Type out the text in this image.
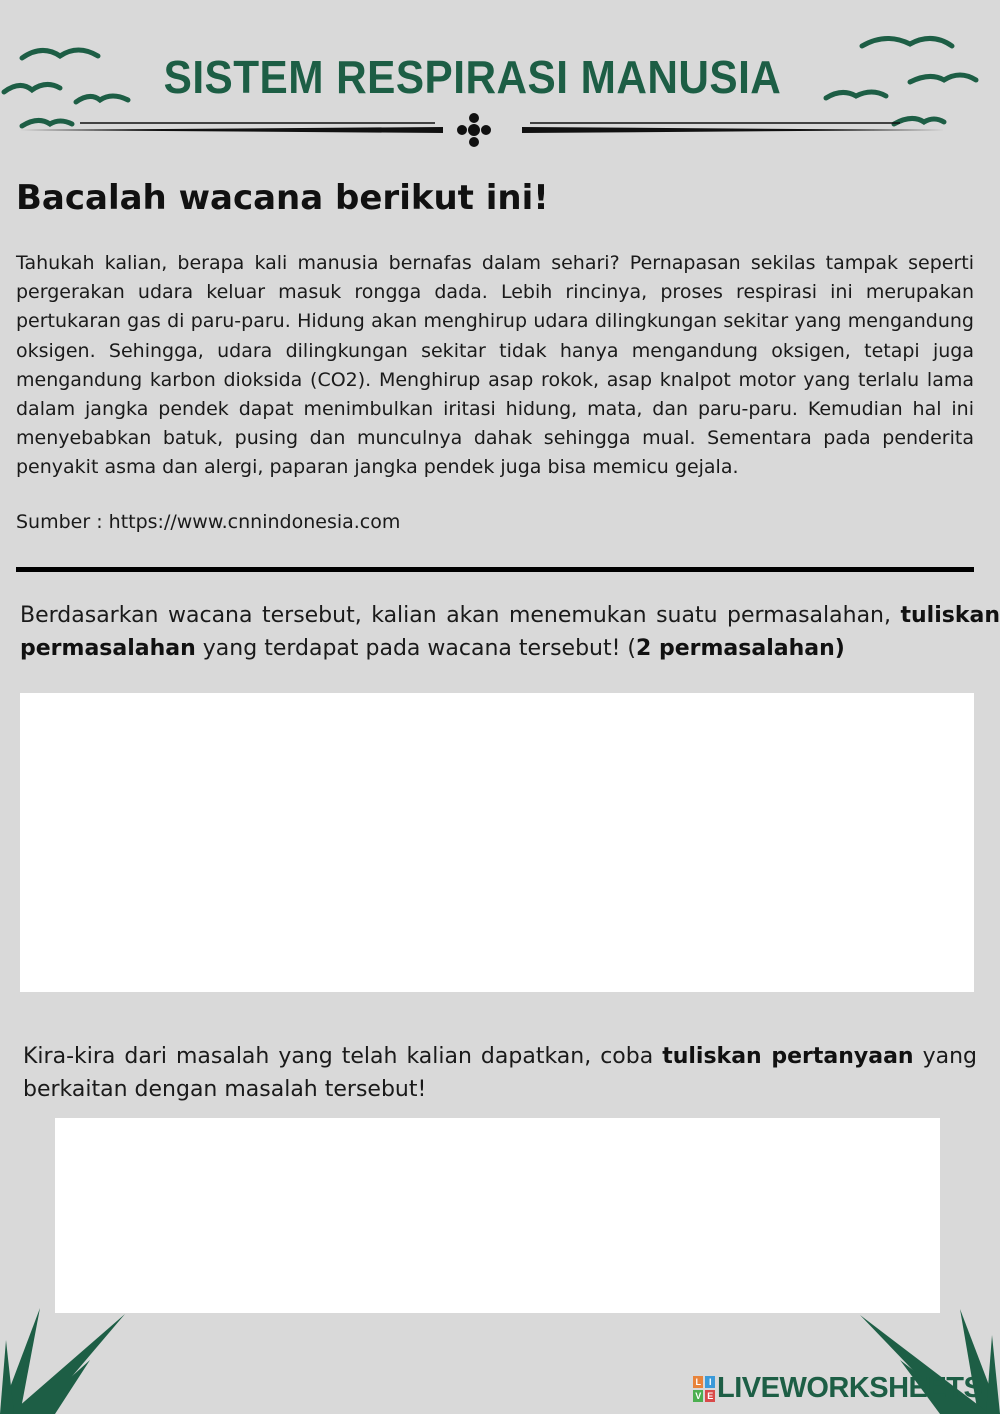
SISTEM RESPIRASI MANUSIA
Bacalah wacana berikut ini!
Tahukah kalian, berapa kali manusia bernafas dalam sehari? Pernapasan sekilas tampak seperti pergerakan udara keluar masuk rongga dada. Lebih rincinya, proses respirasi ini merupakan pertukaran gas di paru-paru. Hidung akan menghirup udara dilingkungan sekitar yang mengandung oksigen. Sehingga, udara dilingkungan sekitar tidak hanya mengandung oksigen, tetapi juga mengandung karbon dioksida (CO2). Menghirup asap rokok, asap knalpot motor yang terlalu lama dalam jangka pendek dapat menimbulkan iritasi hidung, mata, dan paru-paru. Kemudian hal ini menyebabkan batuk, pusing dan munculnya dahak sehingga mual. Sementara pada penderita penyakit asma dan alergi, paparan jangka pendek juga bisa memicu gejala.
Sumber : https://www.cnnindonesia.com
Berdasarkan wacana tersebut, kalian akan menemukan suatu permasalahan, tuliskan permasalahan yang terdapat pada wacana tersebut! (2 permasalahan)
Kira-kira dari masalah yang telah kalian dapatkan, coba tuliskan pertanyaan yang berkaitan dengan masalah tersebut!
L I
V E LIVEWORKSHEETS
